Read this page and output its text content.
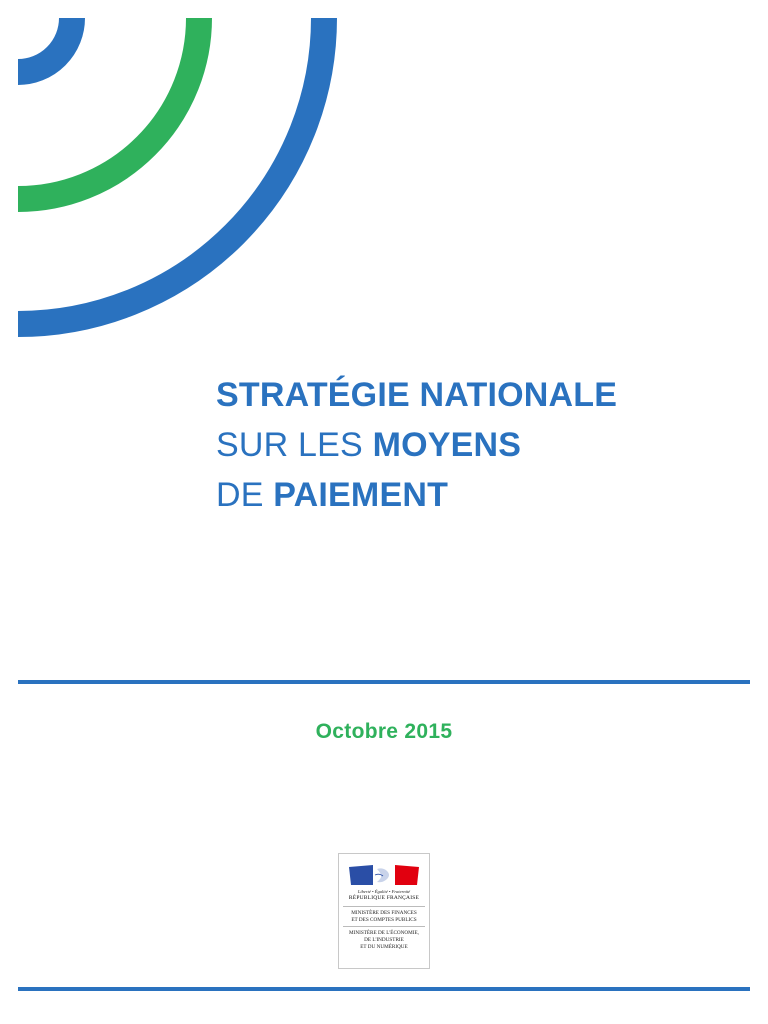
STRATÉGIE NATIONALE
SUR LES MOYENS
DE PAIEMENT
Octobre 2015
Liberté • Égalité • Fraternité
RÉPUBLIQUE FRANÇAISE
MINISTÈRE DES FINANCES
ET DES COMPTES PUBLICS
MINISTÈRE DE L'ÉCONOMIE,
DE L'INDUSTRIE
ET DU NUMÉRIQUE
